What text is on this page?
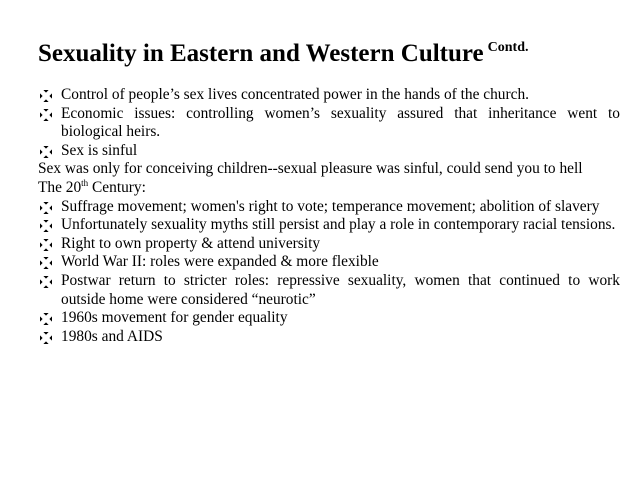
Sexuality in Eastern and Western Culture $^{Contd.}$
Control of people’s sex lives concentrated power in the hands of the church.
Economic issues: controlling women’s sexuality assured that inheritance went to biological heirs.
Sex is sinful
Sex was only for conceiving children--sexual pleasure was sinful, could send you to hell
The 20th Century:
Suffrage movement; women's right to vote; temperance movement; abolition of slavery
Unfortunately sexuality myths still persist and play a role in contemporary racial tensions.
Right to own property & attend university
World War II: roles were expanded & more flexible
Postwar return to stricter roles: repressive sexuality, women that continued to work outside home were considered “neurotic”
1960s movement for gender equality
1980s and AIDS
